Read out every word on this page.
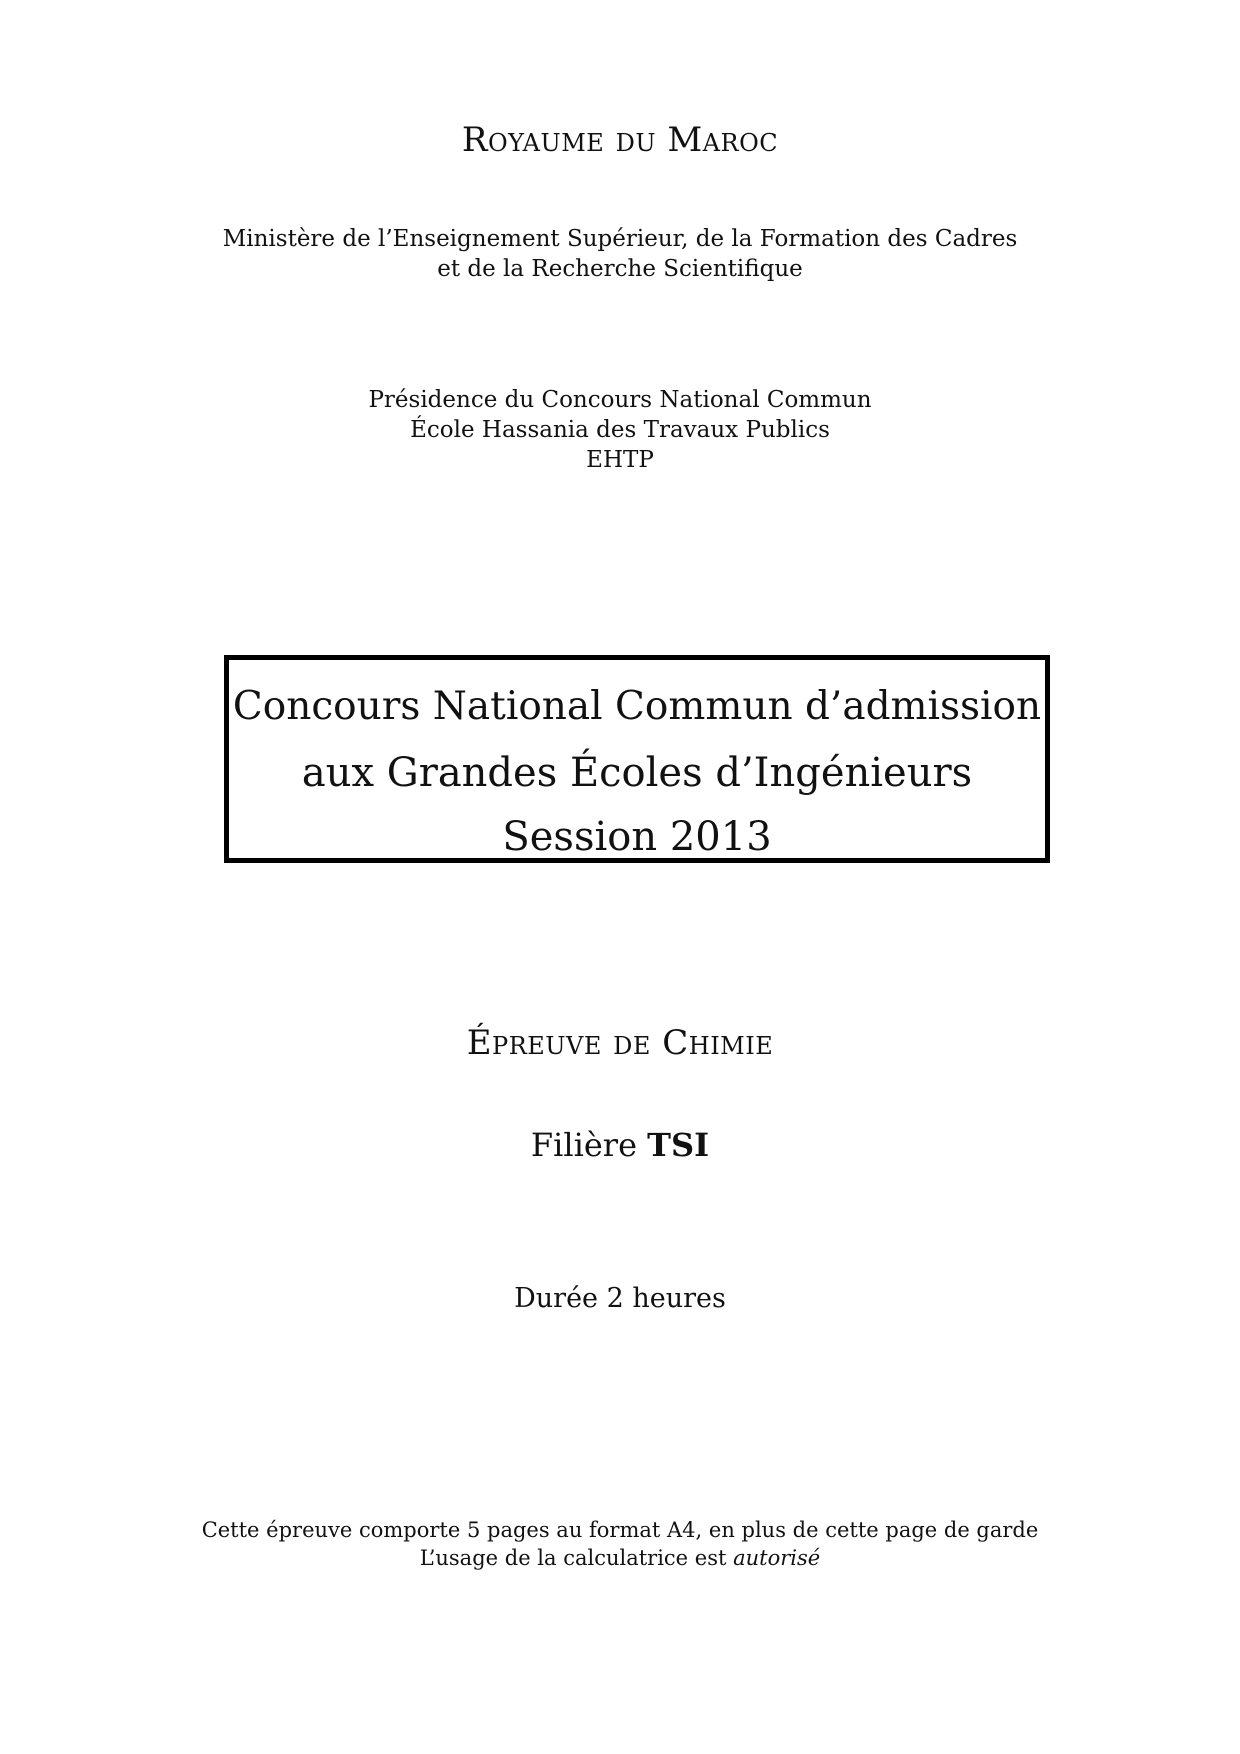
Royaume du Maroc
Ministère de l’Enseignement Supérieur, de la Formation des Cadres
et de la Recherche Scientifique
Présidence du Concours National Commun
École Hassania des Travaux Publics
EHTP
Concours National Commun d’admission
aux Grandes Écoles d’Ingénieurs
Session 2013
Épreuve de Chimie
Filière TSI
Durée 2 heures
Cette épreuve comporte 5 pages au format A4, en plus de cette page de garde
L’usage de la calculatrice est autorisé
